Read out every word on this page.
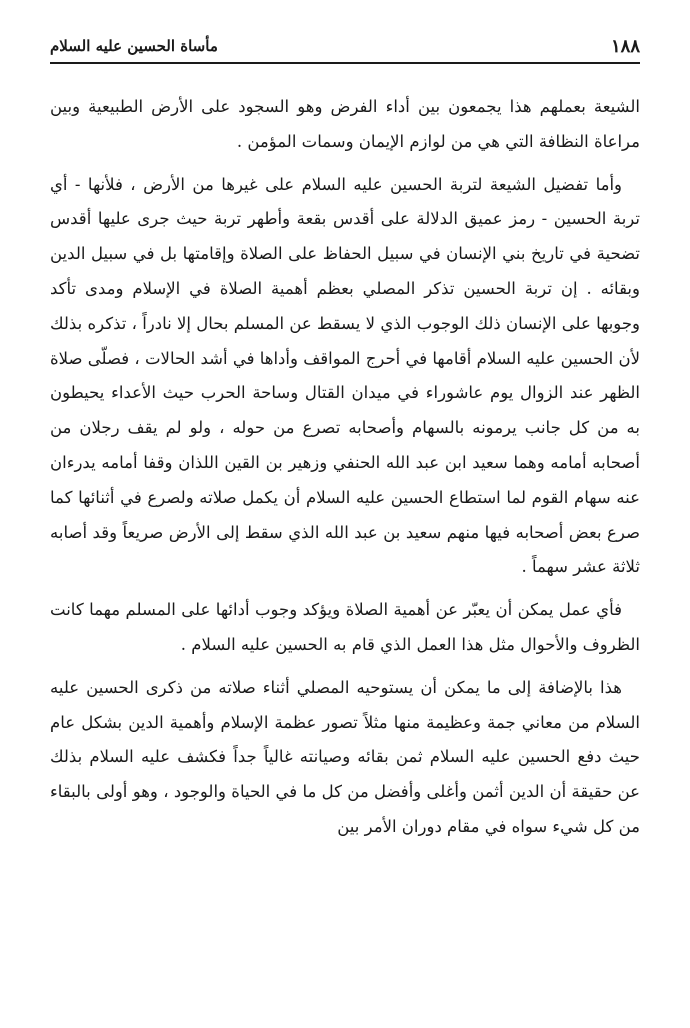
١٨٨
مأساة الحسين عليه السلام

الشيعة بعملهم هذا يجمعون بين أداء الفرض وهو السجود على الأرض الطبيعية وبين مراعاة النظافة التي هي من لوازم الإيمان وسمات المؤمن .

وأما تفضيل الشيعة لتربة الحسين عليه السلام على غيرها من الأرض ، فلأنها - أي تربة الحسين - رمز عميق الدلالة على أقدس بقعة وأطهر تربة حيث جرى عليها أقدس تضحية في تاريخ بني الإنسان في سبيل الحفاظ على الصلاة وإقامتها بل في سبيل الدين وبقائه . إن تربة الحسين تذكر المصلي بعظم أهمية الصلاة في الإسلام ومدى تأكد وجوبها على الإنسان ذلك الوجوب الذي لا يسقط عن المسلم بحال إلا نادراً ، تذكره بذلك لأن الحسين عليه السلام أقامها في أحرج المواقف وأداها في أشد الحالات ، فصلّى صلاة الظهر عند الزوال يوم عاشوراء في ميدان القتال وساحة الحرب حيث الأعداء يحيطون به من كل جانب يرمونه بالسهام وأصحابه تصرع من حوله ، ولو لم يقف رجلان من أصحابه أمامه وهما سعيد ابن عبد الله الحنفي وزهير بن القين اللذان وقفا أمامه يدرءان عنه سهام القوم لما استطاع الحسين عليه السلام أن يكمل صلاته ولصرع في أثنائها كما صرع بعض أصحابه فيها منهم سعيد بن عبد الله الذي سقط إلى الأرض صريعاً وقد أصابه ثلاثة عشر سهماً .

فأي عمل يمكن أن يعبّر عن أهمية الصلاة ويؤكد وجوب أدائها على المسلم مهما كانت الظروف والأحوال مثل هذا العمل الذي قام به الحسين عليه السلام .

هذا بالإضافة إلى ما يمكن أن يستوحيه المصلي أثناء صلاته من ذكرى الحسين عليه السلام من معاني جمة وعظيمة منها مثلاً تصور عظمة الإسلام وأهمية الدين بشكل عام حيث دفع الحسين عليه السلام ثمن بقائه وصيانته غالياً جداً فكشف عليه السلام بذلك عن حقيقة أن الدين أثمن وأغلى وأفضل من كل ما في الحياة والوجود ، وهو أولى بالبقاء من كل شيء سواه في مقام دوران الأمر بين
